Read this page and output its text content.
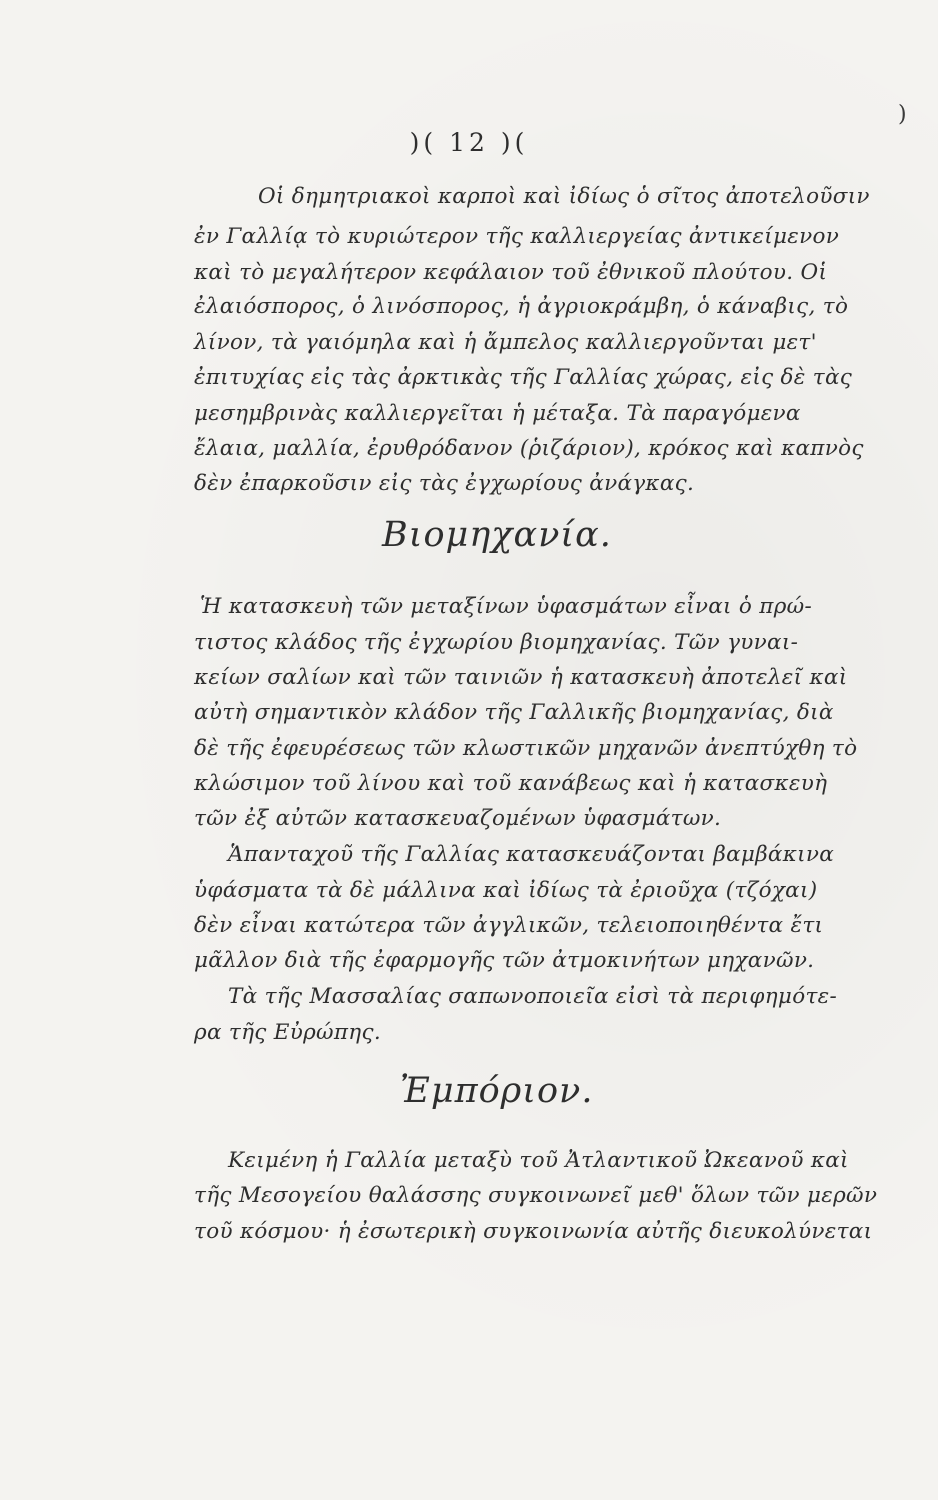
)
)( 12 )(
Οἱ δημητριακοὶ καρποὶ καὶ ἰδίως ὁ σῖτος ἀποτελοῦσιν
ἐν Γαλλίᾳ τὸ κυριώτερον τῆς καλλιεργείας ἀντικείμενον
καὶ τὸ μεγαλήτερον κεφάλαιον τοῦ ἐθνικοῦ πλούτου. Οἱ
ἐλαιόσπορος, ὁ λινόσπορος, ἡ ἀγριοκράμβη, ὁ κάναβις, τὸ
λίνον, τὰ γαιόμηλα καὶ ἡ ἄμπελος καλλιεργοῦνται μετ'
ἐπιτυχίας εἰς τὰς ἀρκτικὰς τῆς Γαλλίας χώρας, εἰς δὲ τὰς
μεσημβρινὰς καλλιεργεῖται ἡ μέταξα. Τὰ παραγόμενα
ἔλαια, μαλλία, ἐρυθρόδανον (ῥιζάριον), κρόκος καὶ καπνὸς
δὲν ἐπαρκοῦσιν εἰς τὰς ἐγχωρίους ἀνάγκας.
Βιομηχανία.
Ἡ κατασκευὴ τῶν μεταξίνων ὑφασμάτων εἶναι ὁ πρώ-
τιστος κλάδος τῆς ἐγχωρίου βιομηχανίας. Τῶν γυναι-
κείων σαλίων καὶ τῶν ταινιῶν ἡ κατασκευὴ ἀποτελεῖ καὶ
αὐτὴ σημαντικὸν κλάδον τῆς Γαλλικῆς βιομηχανίας, διὰ
δὲ τῆς ἐφευρέσεως τῶν κλωστικῶν μηχανῶν ἀνεπτύχθη τὸ
κλώσιμον τοῦ λίνου καὶ τοῦ κανάβεως καὶ ἡ κατασκευὴ
τῶν ἐξ αὐτῶν κατασκευαζομένων ὑφασμάτων.
Ἁπανταχοῦ τῆς Γαλλίας κατασκευάζονται βαμβάκινα
ὑφάσματα τὰ δὲ μάλλινα καὶ ἰδίως τὰ ἐριοῦχα (τζόχαι)
δὲν εἶναι κατώτερα τῶν ἀγγλικῶν, τελειοποιηθέντα ἔτι
μᾶλλον διὰ τῆς ἐφαρμογῆς τῶν ἀτμοκινήτων μηχανῶν.
Τὰ τῆς Μασσαλίας σαπωνοποιεῖα εἰσὶ τὰ περιφημότε-
ρα τῆς Εὐρώπης.
Ἐμπόριον.
Κειμένη ἡ Γαλλία μεταξὺ τοῦ Ἀτλαντικοῦ Ὠκεανοῦ καὶ
τῆς Μεσογείου θαλάσσης συγκοινωνεῖ μεθ' ὅλων τῶν μερῶν
τοῦ κόσμου· ἡ ἐσωτερικὴ συγκοινωνία αὐτῆς διευκολύνεται
